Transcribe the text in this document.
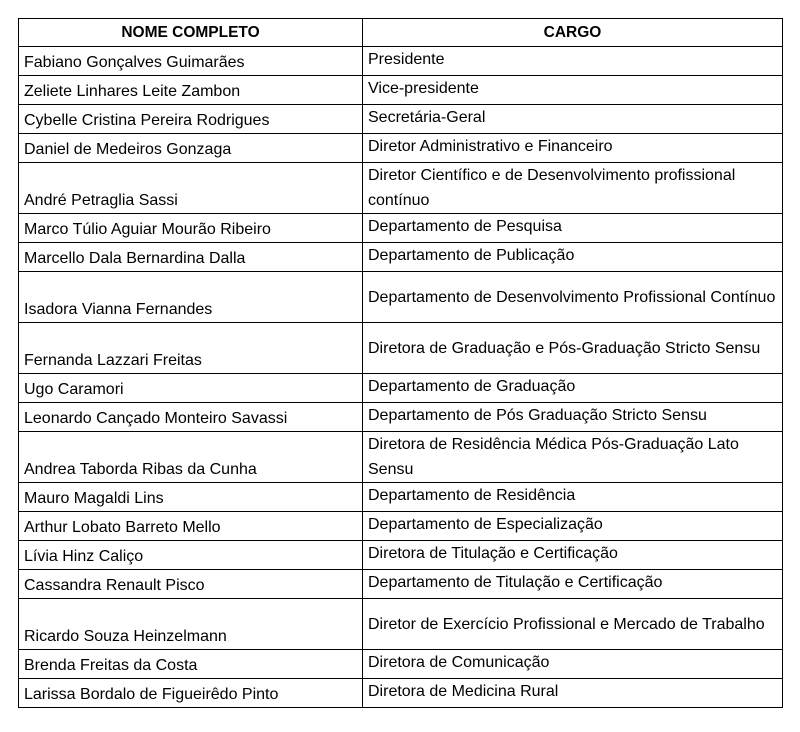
NOME COMPLETO	CARGO
Fabiano Gonçalves Guimarães	Presidente
Zeliete Linhares Leite Zambon	Vice-presidente
Cybelle Cristina Pereira Rodrigues	Secretária-Geral
Daniel de Medeiros Gonzaga	Diretor Administrativo e Financeiro
André Petraglia Sassi	Diretor Científico e de Desenvolvimento profissional contínuo
Marco Túlio Aguiar Mourão Ribeiro	Departamento de Pesquisa
Marcello Dala Bernardina Dalla	Departamento de Publicação
Isadora Vianna Fernandes	Departamento de Desenvolvimento Profissional Contínuo
Fernanda Lazzari Freitas	Diretora de Graduação e Pós-Graduação Stricto Sensu
Ugo Caramori	Departamento de Graduação
Leonardo Cançado Monteiro Savassi	Departamento de Pós Graduação Stricto Sensu
Andrea Taborda Ribas da Cunha	Diretora de Residência Médica Pós-Graduação Lato Sensu
Mauro Magaldi Lins	Departamento de Residência
Arthur Lobato Barreto Mello	Departamento de Especialização
Lívia Hinz Caliço	Diretora de Titulação e Certificação
Cassandra Renault Pisco	Departamento de Titulação e Certificação
Ricardo Souza Heinzelmann	Diretor de Exercício Profissional e Mercado de Trabalho
Brenda Freitas da Costa	Diretora de Comunicação
Larissa Bordalo de Figueirêdo Pinto	Diretora de Medicina Rural
